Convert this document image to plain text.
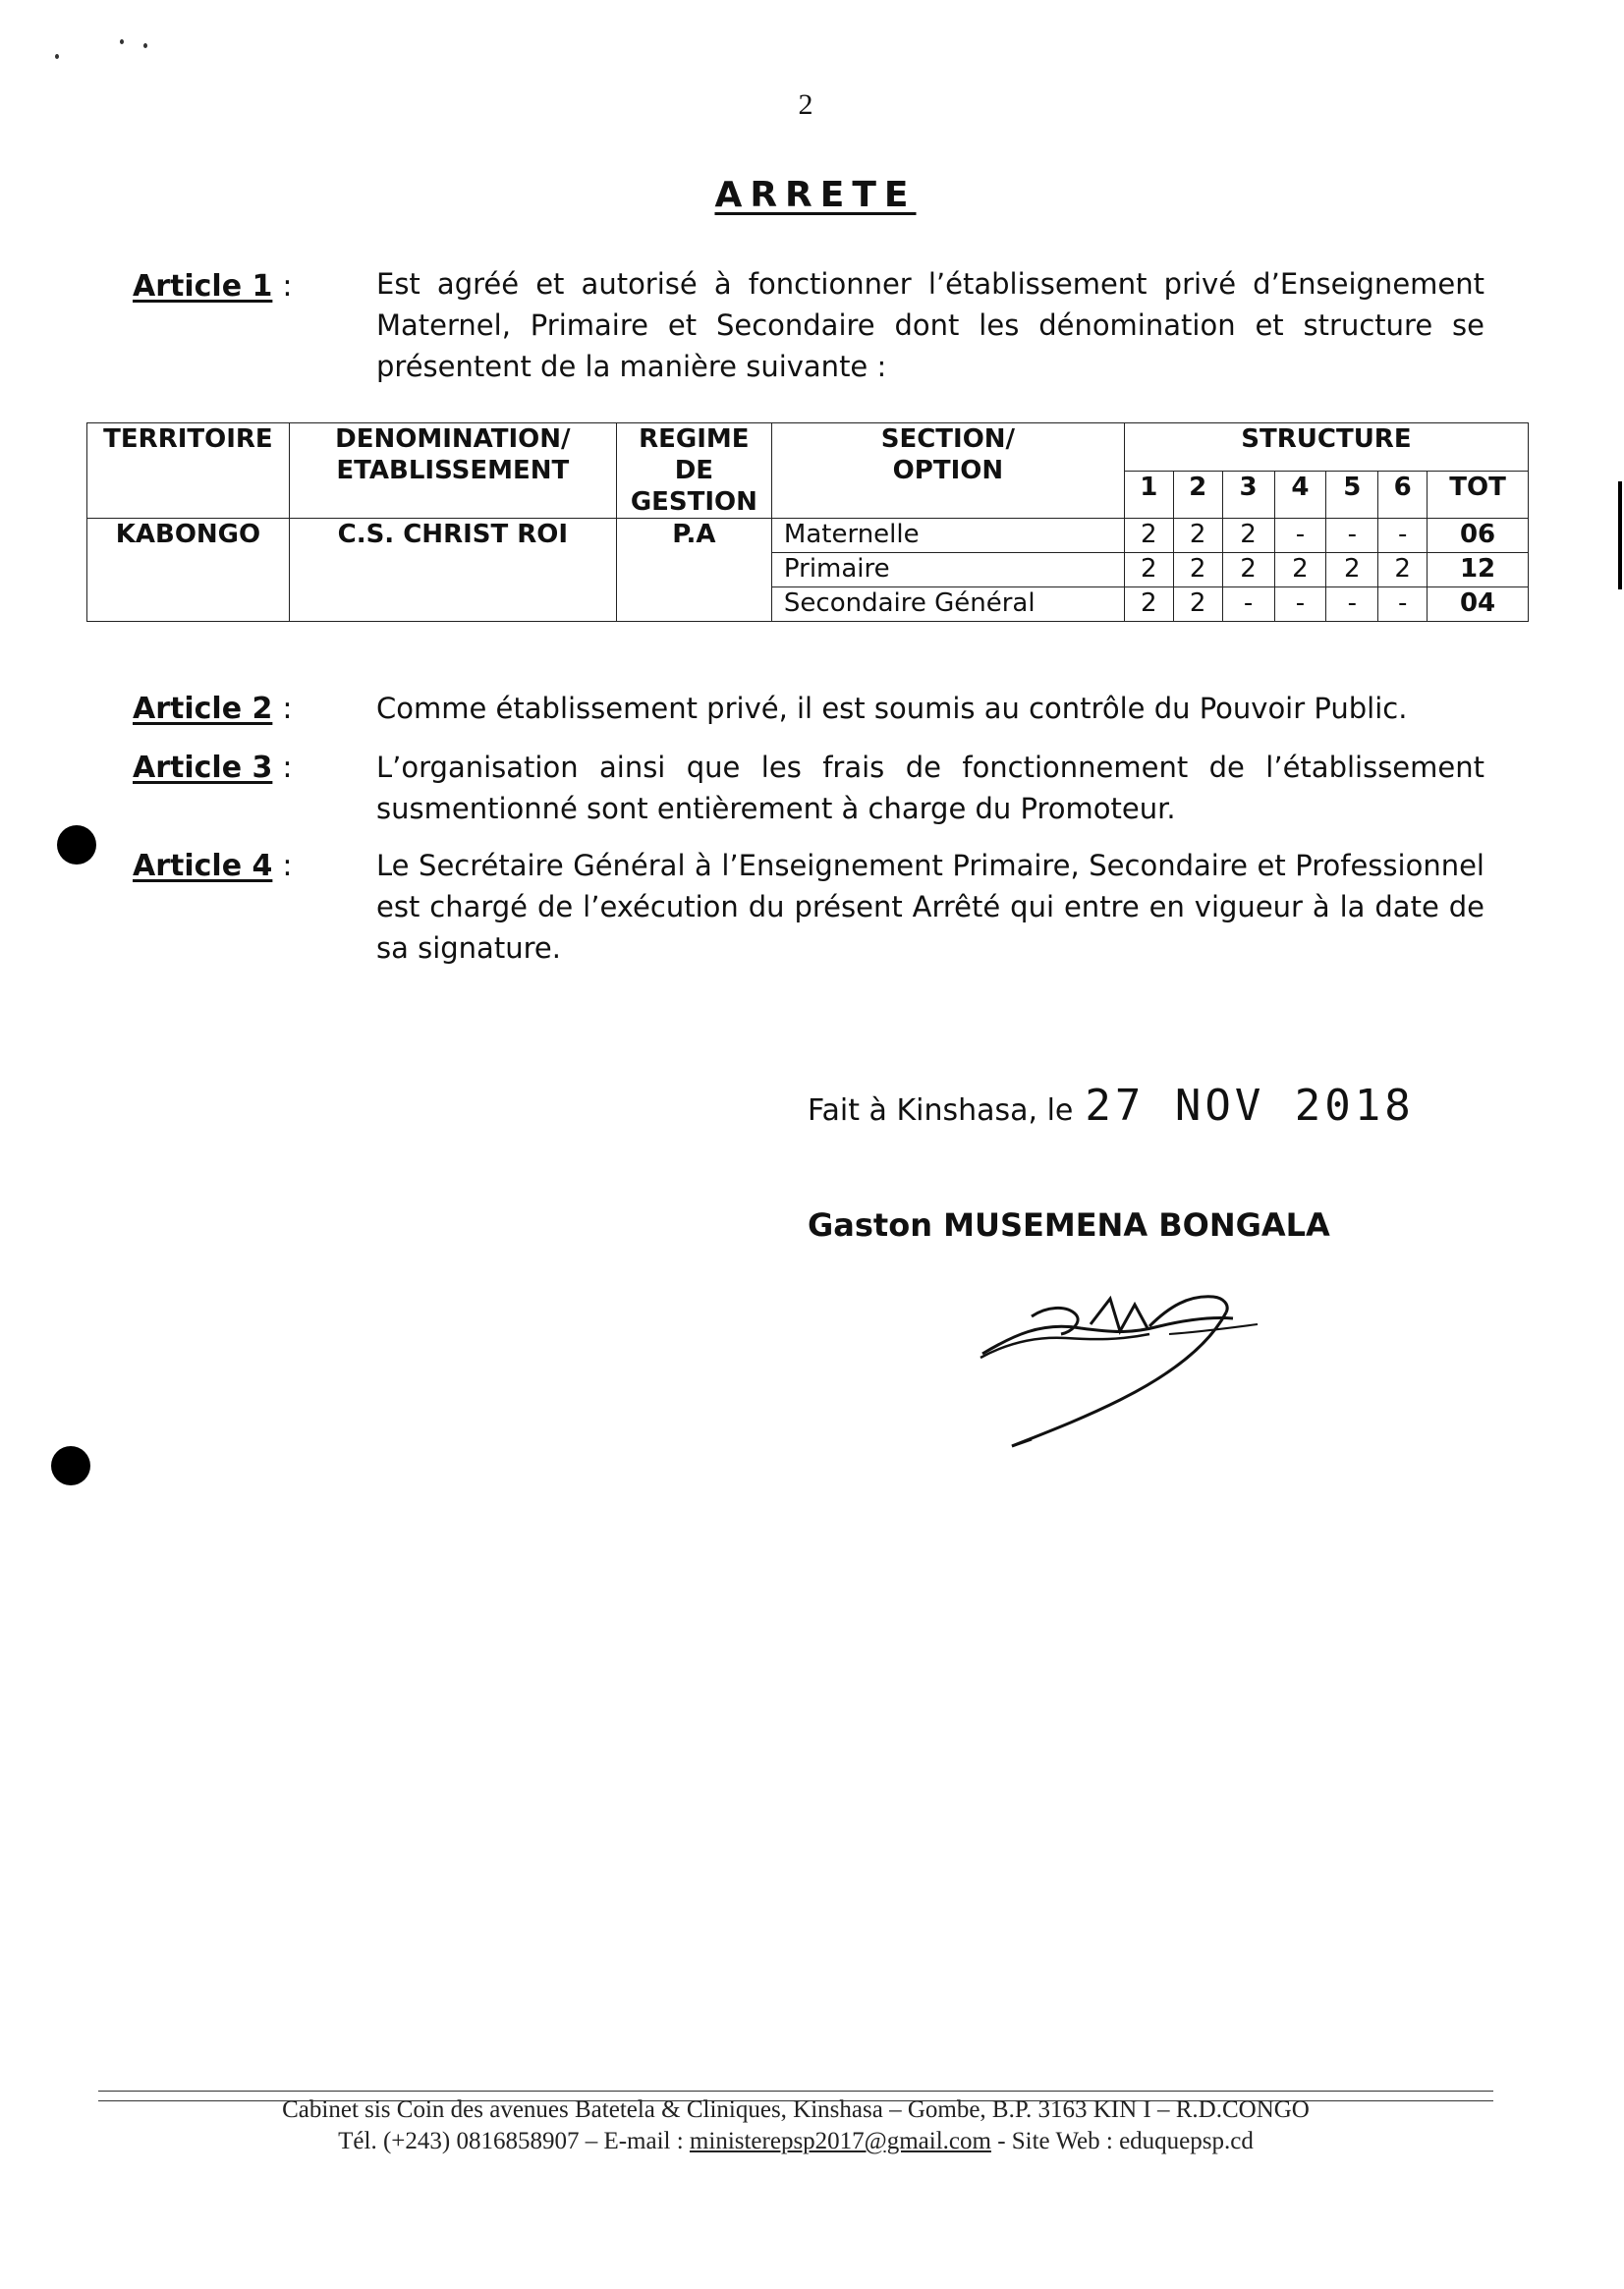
2
ARRETE
Article 1 :	Est agréé et autorisé à fonctionner l’établissement privé d’Enseignement Maternel, Primaire et Secondaire dont les dénomination et structure se présentent de la manière suivante :
TERRITOIRE	DENOMINATION/ ETABLISSEMENT	REGIME DE GESTION	SECTION/ OPTION	STRUCTURE						
				1	2	3	4	5	6	TOT
KABONGO	C.S. CHRIST ROI	P.A	Maternelle	2	2	2	-	-	-	06
			Primaire	2	2	2	2	2	2	12
			Secondaire Général	2	2	-	-	-	-	04
Article 2 :	Comme établissement privé, il est soumis au contrôle du Pouvoir Public.
Article 3 :	L’organisation ainsi que les frais de fonctionnement de l’établissement susmentionné sont entièrement à charge du Promoteur.
Article 4 :	Le Secrétaire Général à l’Enseignement Primaire, Secondaire et Professionnel est chargé de l’exécution du présent Arrêté qui entre en vigueur à la date de sa signature.
Fait à Kinshasa, le 27 NOV 2018
Gaston MUSEMENA BONGALA
Cabinet sis Coin des avenues Batetela & Cliniques, Kinshasa – Gombe, B.P. 3163 KIN I – R.D.CONGO
Tél. (+243) 0816858907 – E-mail : ministerepsp2017@gmail.com - Site Web : eduquepsp.cd
